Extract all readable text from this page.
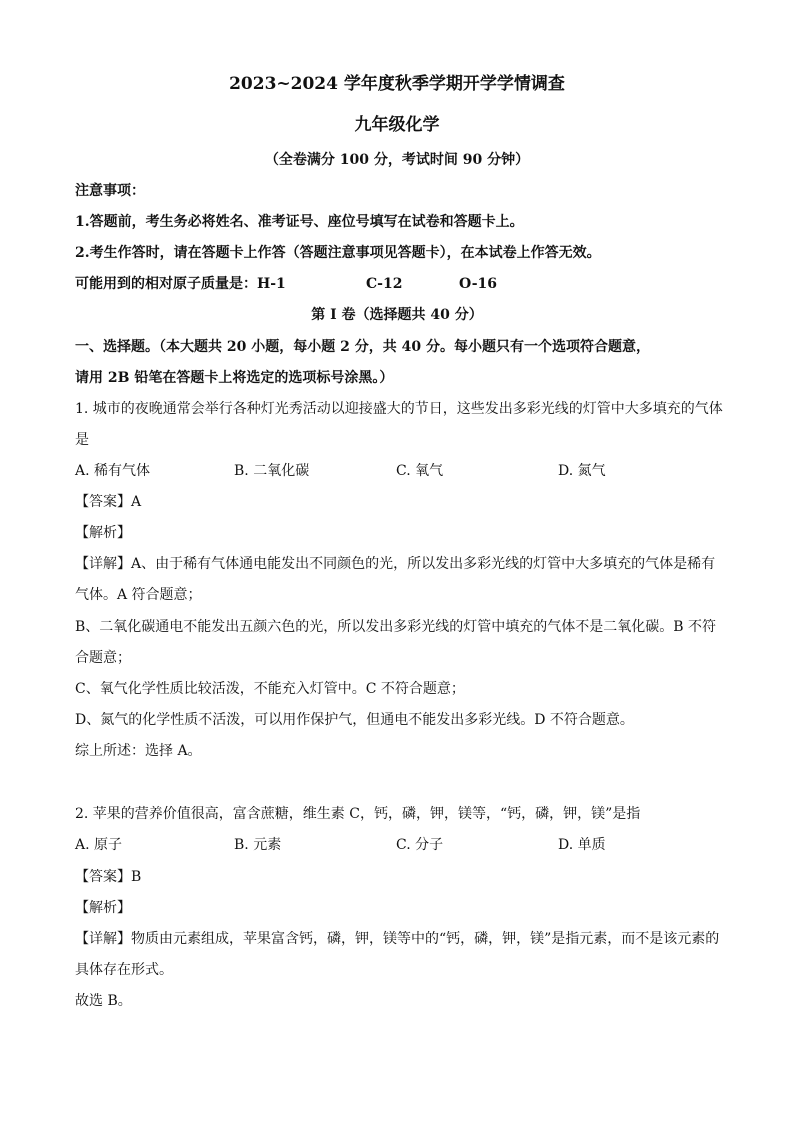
2023~2024 学年度秋季学期开学学情调查
九年级化学
（全卷满分 100 分，考试时间 90 分钟）
注意事项：
1.答题前，考生务必将姓名、准考证号、座位号填写在试卷和答题卡上。
2.考生作答时，请在答题卡上作答（答题注意事项见答题卡），在本试卷上作答无效。
可能用到的相对原子质量是：H-1	C-12	O-16
第 I 卷（选择题共 40 分）
一、选择题。（本大题共 20 小题，每小题 2 分，共 40 分。每小题只有一个选项符合题意，
请用 2B 铅笔在答题卡上将选定的选项标号涂黑。）
1. 城市的夜晚通常会举行各种灯光秀活动以迎接盛大的节日，这些发出多彩光线的灯管中大多填充的气体
是
A. 稀有气体	B. 二氧化碳	C. 氧气	D. 氮气
【答案】A
【解析】
【详解】A、由于稀有气体通电能发出不同颜色的光，所以发出多彩光线的灯管中大多填充的气体是稀有
气体。A 符合题意；
B、二氧化碳通电不能发出五颜六色的光，所以发出多彩光线的灯管中填充的气体不是二氧化碳。B 不符
合题意；
C、氧气化学性质比较活泼，不能充入灯管中。C 不符合题意；
D、氮气的化学性质不活泼，可以用作保护气，但通电不能发出多彩光线。D 不符合题意。
综上所述：选择 A。
2. 苹果的营养价值很高，富含蔗糖，维生素 C，钙，磷，钾，镁等，“钙，磷，钾，镁”是指
A. 原子	B. 元素	C. 分子	D. 单质
【答案】B
【解析】
【详解】物质由元素组成，苹果富含钙，磷，钾，镁等中的“钙，磷，钾，镁”是指元素，而不是该元素的
具体存在形式。
故选 B。
